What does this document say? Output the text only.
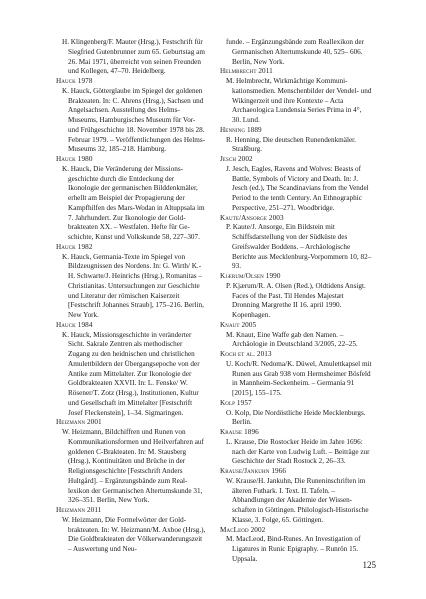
H. Klingenberg/F. Mauter (Hrsg.), Festschrift für Siegfried Gutenbrunner zum 65. Geburtstag am 26. Mai 1971, überreicht von seinen Freunden und Kollegen, 47–70. Heidelberg.
Hauck 1978
K. Hauck, Götterglaube im Spiegel der goldenen Brakteaten. In: C. Ahrens (Hrsg.), Sachsen und Angelsachsen. Ausstellung des Helms-Museums, Hamburgisches Museum für Vor- und Frühgeschichte 18. November 1978 bis 28. Februar 1979. – Veröffentlichungen des Helms-Museums 32, 185–218. Hamburg.
Hauck 1980
K. Hauck, Die Veränderung der Missionsgeschichte durch die Entdeckung der Ikonologie der germanischen Bilddenkmäler, erhellt am Beispiel der Propagierung der Kampfhilfen des Mars-Wodan in Altuppsala im 7. Jahrhundert. Zur Ikonologie der Goldbrakteaten XX. – Westfalen. Hefte für Geschichte, Kunst und Volkskunde 58, 227–307.
Hauck 1982
K. Hauck, Germania-Texte im Spiegel von Bildzeugnissen des Nordens. In: G. Wirth/ K.-H. Schwarte/J. Heinrichs (Hrsg.), Romanitas – Christianitas. Untersuchungen zur Geschichte und Literatur der römischen Kaiserzeit [Festschrift Johannes Straub], 175–216. Berlin, New York.
Hauck 1984
K. Hauck, Missionsgeschichte in veränderter Sicht. Sakrale Zentren als methodischer Zugang zu den heidnischen und christlichen Amulettbildern der Übergangsepoche von der Antike zum Mittelalter. Zur Ikonologie der Goldbrakteaten XXVII. In: L. Fenske/ W. Rösener/T. Zotz (Hrsg.), Institutionen, Kultur und Gesellschaft im Mittelalter [Festschrift Josef Fleckenstein], 1–34. Sigmaringen.
Heizmann 2001
W. Heizmann, Bildchiffren und Runen von Kommunikationsformen und Heilverfahren auf goldenen C-Brakteaten. In: M. Stausberg (Hrsg.), Kontinuitäten und Brüche in der Religionsgeschichte [Festschrift Anders Hultgård]. – Ergänzungsbände zum Reallexikon der Germanischen Altertumskunde 31, 326–351. Berlin, New York.
Heizmann 2011
W. Heizmann, Die Formelwörter der Goldbrakteaten. In: W. Heizmann/M. Axboe (Hrsg.), Die Goldbrakteaten der Völkerwanderungszeit – Auswertung und Neu-
funde. – Ergänzungsbände zum Reallexikon der Germanischen Altertumskunde 40, 525– 606. Berlin, New York.
Helmbrecht 2011
M. Helmbrecht, Wirkmächtige Kommunikationsmedien. Menschenbilder der Vendel- und Wikingerzeit und ihre Kontexte – Acta Archaeologica Lundensia Series Prima in 4°, 30. Lund.
Henning 1889
R. Henning, Die deutschen Runendenkmäler. Straßburg.
Jesch 2002
J. Jesch, Eagles, Ravens and Wolves: Beasts of Battle, Symbols of Victory and Death. In: J. Jesch (ed.), The Scandinavians from the Vendel Period to the tenth Century. An Ethnographic Perspective, 251–271. Woodbridge.
Kaute/Ansorge 2003
P. Kaute/J. Ansorge, Ein Bildstein mit Schiffsdarstellung von der Südküste des Greifswalder Boddens. – Archäologische Berichte aus Mecklenburg-Vorpommern 10, 82–93.
Kjærum/Olsen 1990
P. Kjærum/R. A. Olsen (Red.), Oldtidens Ansigt. Faces of the Past. Til Hendes Majestæt Dronning Margrethe II 16. april 1990. Kopenhagen.
Knaut 2005
M. Knaut, Eine Waffe gab den Namen. – Archäologie in Deutschland 3/2005, 22–25.
Koch et al. 2013
U. Koch/R. Nedoma/K. Düwel, Amulettkapsel mit Runen aus Grab 938 vom Hermsheimer Bösfeld in Mannheim-Seckenheim. – Germania 91 [2015], 155–175.
Kolp 1957
O. Kolp, Die Nordöstliche Heide Mecklenburgs. Berlin.
Krause 1896
L. Krause, Die Rostocker Heide im Jahre 1696: nach der Karte von Ludwig Luft. – Beiträge zur Geschichte der Stadt Rostock 2, 26–33.
Krause/Jankuhn 1966
W. Krause/H. Jankuhn, Die Runeninschriften im älteren Futhark. I. Text. II. Tafeln. – Abhandlungen der Akademie der Wissenschaften in Göttingen. Philologisch-Historische Klasse, 3. Folge, 65. Göttingen.
MacLeod 2002
M. MacLeod, Bind-Runes. An Investigation of Ligatures in Runic Epigraphy. – Runrön 15. Uppsala.
125
